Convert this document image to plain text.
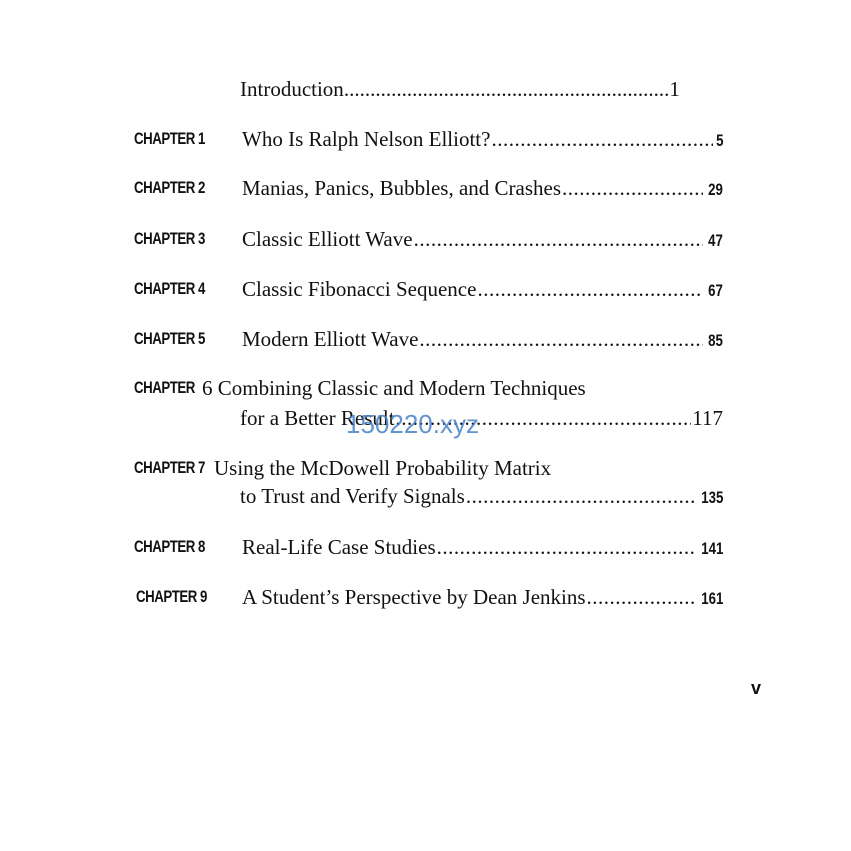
Introduction..............................................................1
CHAPTER 1 Who Is Ralph Nelson Elliott? .....	5
CHAPTER 2 Manias, Panics, Bubbles, and Crashes .....	29
CHAPTER 3 Classic Elliott Wave .....	47
CHAPTER 4 Classic Fibonacci Sequence .....	67
CHAPTER 5 Modern Elliott Wave .....	85
CHAPTER 6 Combining Classic and Modern Techniques
for a Better Result .....	117
CHAPTER 7 Using the McDowell Probability Matrix
to Trust and Verify Signals .....	135
CHAPTER 8 Real-Life Case Studies .....	141
CHAPTER 9 A Student’s Perspective by Dean Jenkins .....	161
150220.xyz
v
